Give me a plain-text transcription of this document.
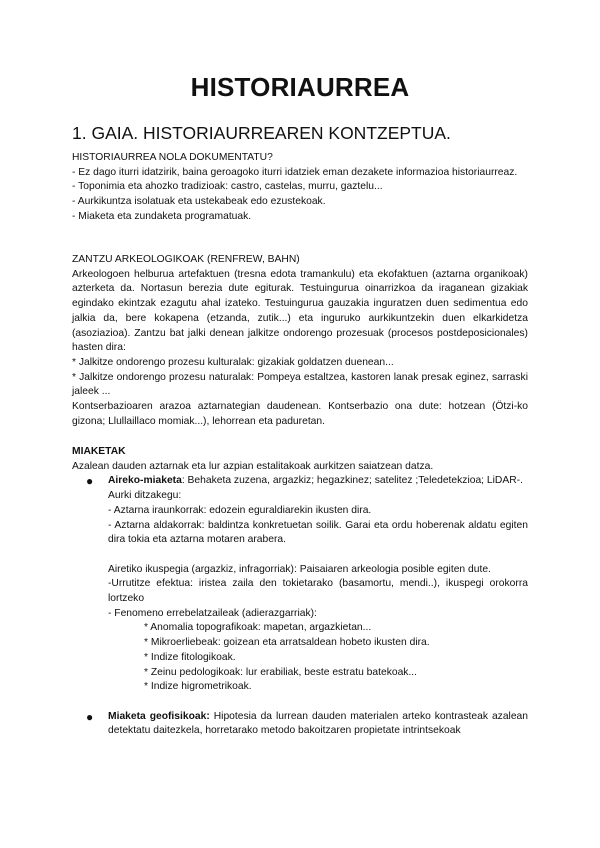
HISTORIAURREA
1. GAIA. HISTORIAURREAREN KONTZEPTUA.

HISTORIAURREA NOLA DOKUMENTATU?

- Ez dago iturri idatzirik, baina geroagoko iturri idatziek eman dezakete informazioa historiaurreaz.

- Toponimia eta ahozko tradizioak: castro, castelas, murru, gaztelu...

- Aurkikuntza isolatuak eta ustekabeak edo ezustekoak.

- Miaketa eta zundaketa programatuak.

ZANTZU ARKEOLOGIKOAK (RENFREW, BAHN)

Arkeologoen helburua artefaktuen (tresna edota tramankulu) eta ekofaktuen (aztarna organikoak) azterketa da. Nortasun berezia dute egiturak. Testuingurua oinarrizkoa da iraganean gizakiak egindako ekintzak ezagutu ahal izateko. Testuingurua gauzakia inguratzen duen sedimentua edo jalkia da, bere kokapena (etzanda, zutik...) eta inguruko aurkikuntzekin duen elkarkidetza (asoziazioa). Zantzu bat jalki denean jalkitze ondorengo prozesuak (procesos postdeposicionales) hasten dira:

* Jalkitze ondorengo prozesu kulturalak: gizakiak goldatzen duenean...

* Jalkitze ondorengo prozesu naturalak: Pompeya estaltzea, kastoren lanak presak eginez, sarraski jaleek ...

Kontserbazioaren arazoa aztarnategian daudenean. Kontserbazio ona dute: hotzean (Ötzi-ko gizona; Llullaillaco momiak...), lehorrean eta paduretan.

MIAKETAK

Azalean dauden aztarnak eta lur azpian estalitakoak aurkitzen saiatzean datza.

● Aireko-miaketa: Behaketa zuzena, argazkiz; hegazkinez; satelitez ;Teledetekzioa; LiDAR-.

Aurki ditzakegu:

- Aztarna iraunkorrak: edozein eguraldiarekin ikusten dira.

- Aztarna aldakorrak: baldintza konkretuetan soilik. Garai eta ordu hoberenak aldatu egiten dira tokia eta aztarna motaren arabera.

Airetiko ikuspegia (argazkiz, infragorriak): Paisaiaren arkeologia posible egiten dute.

-Urrutitze efektua: iristea zaila den tokietarako (basamortu, mendi..), ikuspegi orokorra lortzeko

- Fenomeno errebelatzaileak (adierazgarriak):

* Anomalia topografikoak: mapetan, argazkietan...

* Mikroerliebeak: goizean eta arratsaldean hobeto ikusten dira.

* Indize fitologikoak.

* Zeinu pedologikoak: lur erabiliak, beste estratu batekoak...

* Indize higrometrikoak.

● Miaketa geofisikoak: Hipotesia da lurrean dauden materialen arteko kontrasteak azalean detektatu daitezkela, horretarako metodo bakoitzaren propietate intrintsekoak
